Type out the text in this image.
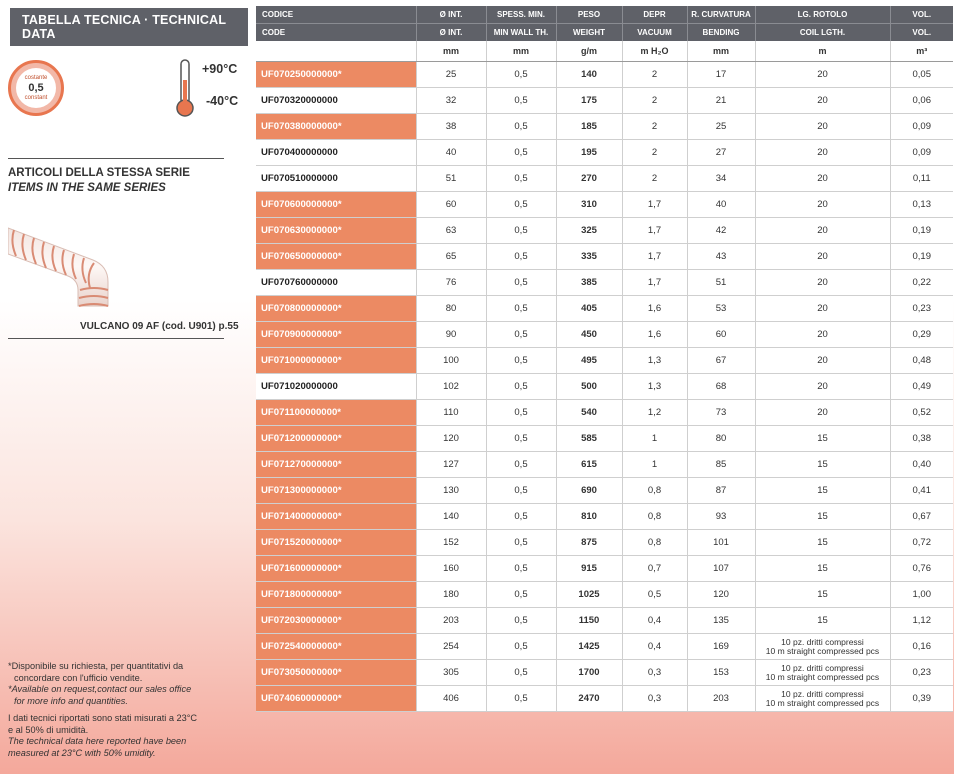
TABELLA TECNICA · TECHNICAL DATA
costante
0,5
constant
+90°C
-40°C
ARTICOLI DELLA STESSA SERIE
ITEMS IN THE SAME SERIES
VULCANO 09 AF (cod. U901) p.55
*Disponibile su richiesta, per quantitativi da
concordare con l'ufficio vendite.
*Available on request,contact our sales office
for more info and quantities.
I dati tecnici riportati sono stati misurati a 23°C
e al 50% di umidità.
The technical data here reported have been
measured at 23°C with 50% umidity.
CODICE	Ø INT.	SPESS. MIN.	PESO	DEPR	R. CURVATURA	LG. ROTOLO	VOL.
CODE	Ø INT.	MIN WALL TH.	WEIGHT	VACUUM	BENDING	COIL LGTH.	VOL.
	mm	mm	g/m	m H₂O	mm	m	m³
UF070250000000*	25	0,5	140	2	17	20	0,05
UF070320000000	32	0,5	175	2	21	20	0,06
UF070380000000*	38	0,5	185	2	25	20	0,09
UF070400000000	40	0,5	195	2	27	20	0,09
UF070510000000	51	0,5	270	2	34	20	0,11
UF070600000000*	60	0,5	310	1,7	40	20	0,13
UF070630000000*	63	0,5	325	1,7	42	20	0,19
UF070650000000*	65	0,5	335	1,7	43	20	0,19
UF070760000000	76	0,5	385	1,7	51	20	0,22
UF070800000000*	80	0,5	405	1,6	53	20	0,23
UF070900000000*	90	0,5	450	1,6	60	20	0,29
UF071000000000*	100	0,5	495	1,3	67	20	0,48
UF071020000000	102	0,5	500	1,3	68	20	0,49
UF071100000000*	110	0,5	540	1,2	73	20	0,52
UF071200000000*	120	0,5	585	1	80	15	0,38
UF071270000000*	127	0,5	615	1	85	15	0,40
UF071300000000*	130	0,5	690	0,8	87	15	0,41
UF071400000000*	140	0,5	810	0,8	93	15	0,67
UF071520000000*	152	0,5	875	0,8	101	15	0,72
UF071600000000*	160	0,5	915	0,7	107	15	0,76
UF071800000000*	180	0,5	1025	0,5	120	15	1,00
UF072030000000*	203	0,5	1150	0,4	135	15	1,12
UF072540000000*	254	0,5	1425	0,4	169	10 pz. dritti compressi
10 m straight compressed pcs	0,16
UF073050000000*	305	0,5	1700	0,3	153	10 pz. dritti compressi
10 m straight compressed pcs	0,23
UF074060000000*	406	0,5	2470	0,3	203	10 pz. dritti compressi
10 m straight compressed pcs	0,39
